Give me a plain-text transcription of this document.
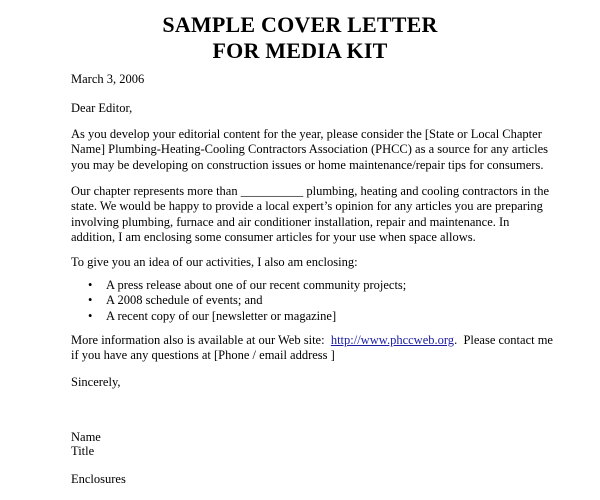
SAMPLE COVER LETTER
FOR MEDIA KIT
March 3, 2006
Dear Editor,
As you develop your editorial content for the year, please consider the [State or Local Chapter
Name] Plumbing-Heating-Cooling Contractors Association (PHCC) as a source for any articles
you may be developing on construction issues or home maintenance/repair tips for consumers.
Our chapter represents more than __________ plumbing, heating and cooling contractors in the
state. We would be happy to provide a local expert’s opinion for any articles you are preparing
involving plumbing, furnace and air conditioner installation, repair and maintenance. In
addition, I am enclosing some consumer articles for your use when space allows.
To give you an idea of our activities, I also am enclosing:
• A press release about one of our recent community projects;
• A 2008 schedule of events; and
• A recent copy of our [newsletter or magazine]
More information also is available at our Web site:  http://www.phccweb.org.  Please contact me
if you have any questions at [Phone / email address ]
Sincerely,
Name
Title
Enclosures
